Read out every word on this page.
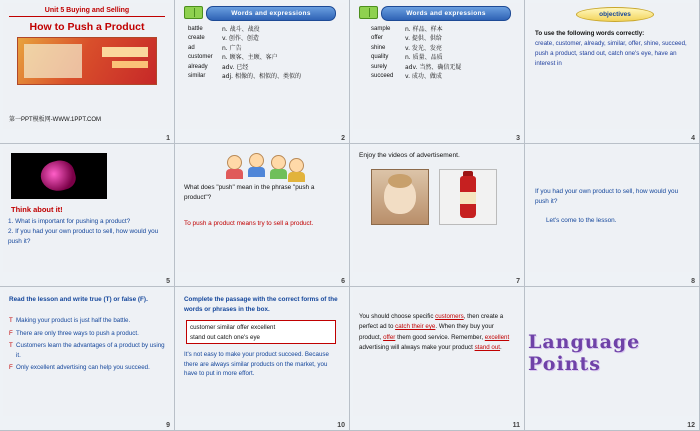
Unit 5 Buying and Selling
How to Push a Product
第一PPT模板网-WWW.1PPT.COM
1
Words and expressions
battle	n. 战斗、战役
create	v. 创作、创造
ad	n. 广告
customer	n. 顾客、主顾、客户
already	adv. 已经
similar	adj. 相像的、相似的、类似的
2
Words and expressions
sample	n. 样品、样本
offer	v. 提供、供给
shine	v. 发光、发亮
quality	n. 质量、品质
surely	adv. 当然、确信无疑
succeed	v. 成功、做成
3
objectives
To use the following words correctly:
create, customer, already, similar, offer, shine, succeed, push a product, stand out, catch one's eye, have an interest in
4
Think about it!
1. What is important for pushing a product?
2. If you had your own product to sell, how would you push it?
5
What does "push" mean in the phrase "push a product"?
To push a product means try to sell a product.
6
Enjoy the videos of advertisement.
7
If you had your own product to sell, how would you push it?
Let's come to the lesson.
8
Read the lesson and write true (T) or false (F).
T Making your product is just half the battle.
F There are only three ways to push a product.
T Customers learn the advantages of a product by using it.
F Only excellent advertising can help you succeed.
9
Complete the passage with the correct forms of the words or phrases in the box.
customer similar offer excellent
stand out catch one's eye
It's not easy to make your product succeed. Because there are always similar products on the market, you have to put in more effort.
10
You should choose specific customers, then create a perfect ad to catch their eye. When they buy your product, offer them good service. Remember, excellent advertising will always make your product stand out.
11
Language Points
12
